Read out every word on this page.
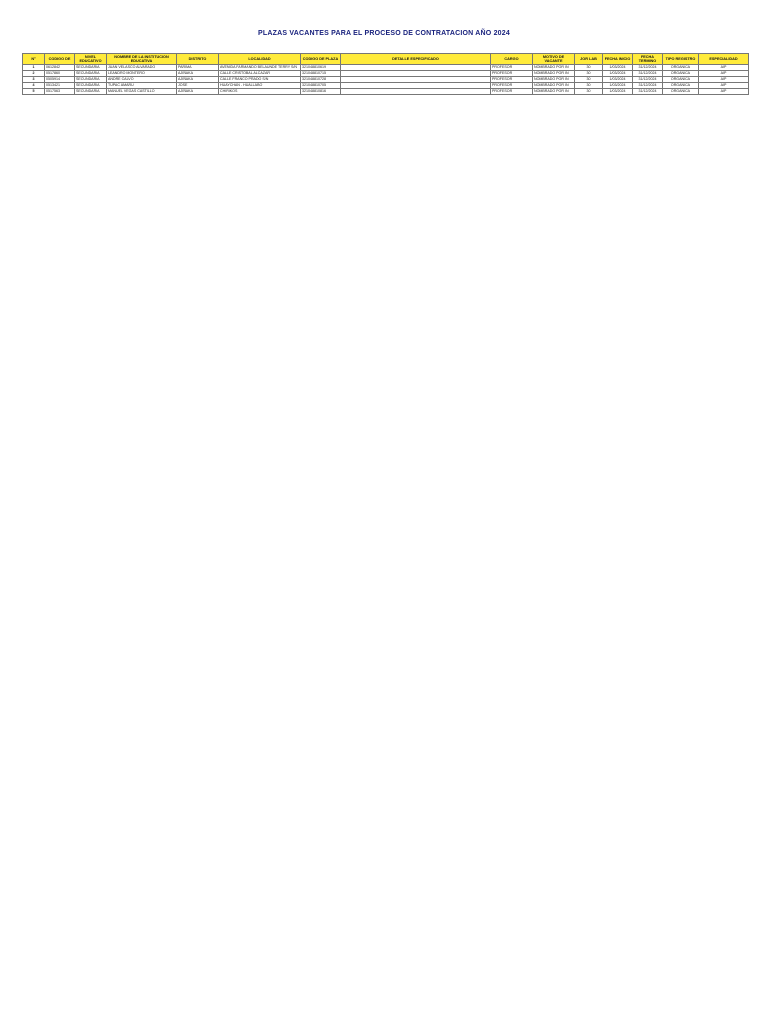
PLAZAS VACANTES PARA EL PROCESO DE CONTRATACION AÑO 2024
N°	CODIGO DE	NIVEL EDUCATIVO	NOMBRE DE LA INSTITUCION EDUCATIVA	DISTRITO	LOCALIDAD	CODIGO DE PLAZA	DETALLE ESPECIFICADO	CARGO	MOTIVO DE VACANTE	JOR LAB	FECHA INICIO	FECHA TERMINO	TIPO REGISTRO	ESPECIALIDAD
1	0612842	SECUNDARIA	JUAN VELASCO ALVARADO	PARIMA	AVENIDA FARMANDO BELAUNDE TERRY S/N	321048810619		PROFESOR	NOMBRADO POR IN	30	1/03/2024	31/12/2024	ORGANICA	AIP
2	0517860	SECUNDARIA	LEANDRO MONTERO	AJIÑAKA	CALLE CRISTOBAL ALCAZAR	321048810715		PROFESOR	NOMBRADO POR IN	30	1/03/2024	31/12/2024	ORGANICA	AIP
3	0505914	SECUNDARIA	ANDRE CALVO	AJIÑAKA	CALLE FRANCO PRADO S/N	321048810728		PROFESOR	NOMBRADO POR IN	30	1/03/2024	31/12/2024	ORGANICA	AIP
4	0513421	SECUNDARIA	TUPAC AMARU	JOSE	HUAYCHAN - HUALLABO	321048810705		PROFESOR	NOMBRADO POR IN	30	1/03/2024	31/12/2024	ORGANICA	AIP
5	0517563	SECUNDARIA	MANUEL VEGAS CASTILLO	AJIÑAKA	CHIRIKOS	321048810816		PROFESOR	NOMBRADO POR IN	30	1/03/2024	31/12/2024	ORGANICA	AIP
